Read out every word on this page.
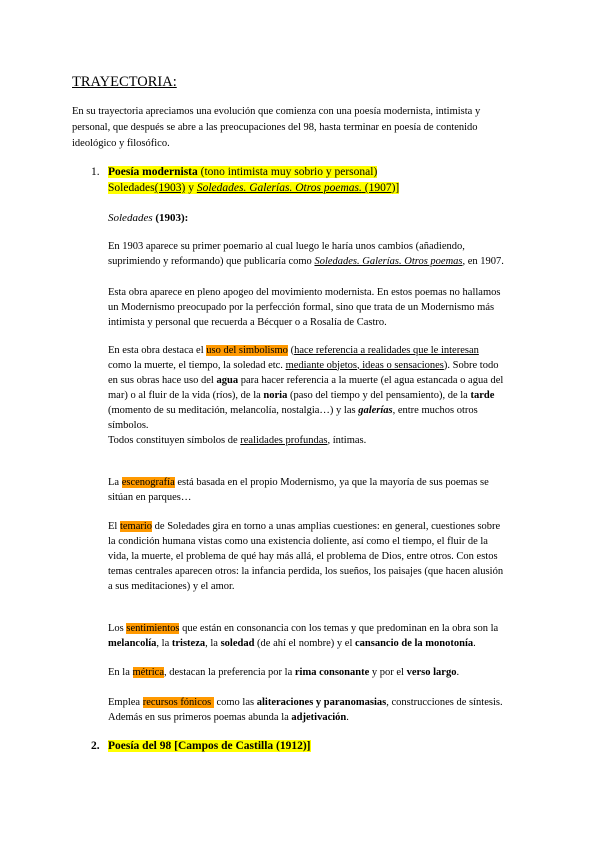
TRAYECTORIA:
En su trayectoria apreciamos una evolución que comienza con una poesía modernista, intimista y
personal, que después se abre a las preocupaciones del 98, hasta terminar en poesía de contenido
ideológico y filosófico.
1. Poesía modernista (tono intimista muy sobrio y personal)
Soledades(1903) y Soledades. Galerías. Otros poemas. (1907)]
Soledades (1903):
En 1903 aparece su primer poemario al cual luego le haría unos cambios (añadiendo,
suprimiendo y reformando) que publicaría como Soledades. Galerías. Otros poemas, en 1907.
Esta obra aparece en pleno apogeo del movimiento modernista. En estos poemas no hallamos
un Modernismo preocupado por la perfección formal, sino que trata de un Modernismo más
intimista y personal que recuerda a Bécquer o a Rosalía de Castro.
En esta obra destaca el uso del simbolismo (hace referencia a realidades que le interesan
como la muerte, el tiempo, la soledad etc. mediante objetos, ideas o sensaciones). Sobre todo
en sus obras hace uso del agua para hacer referencia a la muerte (el agua estancada o agua del
mar) o al fluir de la vida (ríos), de la noria (paso del tiempo y del pensamiento), de la tarde
(momento de su meditación, melancolía, nostalgia…) y las galerías, entre muchos otros
símbolos.
Todos constituyen símbolos de realidades profundas, íntimas.
La escenografía está basada en el propio Modernismo, ya que la mayoría de sus poemas se
sitúan en parques…
El temario de Soledades gira en torno a unas amplias cuestiones: en general, cuestiones sobre
la condición humana vistas como una existencia doliente, así como el tiempo, el fluir de la
vida, la muerte, el problema de qué hay más allá, el problema de Dios, entre otros. Con estos
temas centrales aparecen otros: la infancia perdida, los sueños, los paisajes (que hacen alusión
a sus meditaciones) y el amor.
Los sentimientos que están en consonancia con los temas y que predominan en la obra son la
melancolía, la tristeza, la soledad (de ahí el nombre) y el cansancio de la monotonía.
En la métrica, destacan la preferencia por la rima consonante y por el verso largo.
Emplea recursos fónicos  como las aliteraciones y paranomasias, construcciones de síntesis.
Además en sus primeros poemas abunda la adjetivación.
2. Poesía del 98 [Campos de Castilla (1912)]
